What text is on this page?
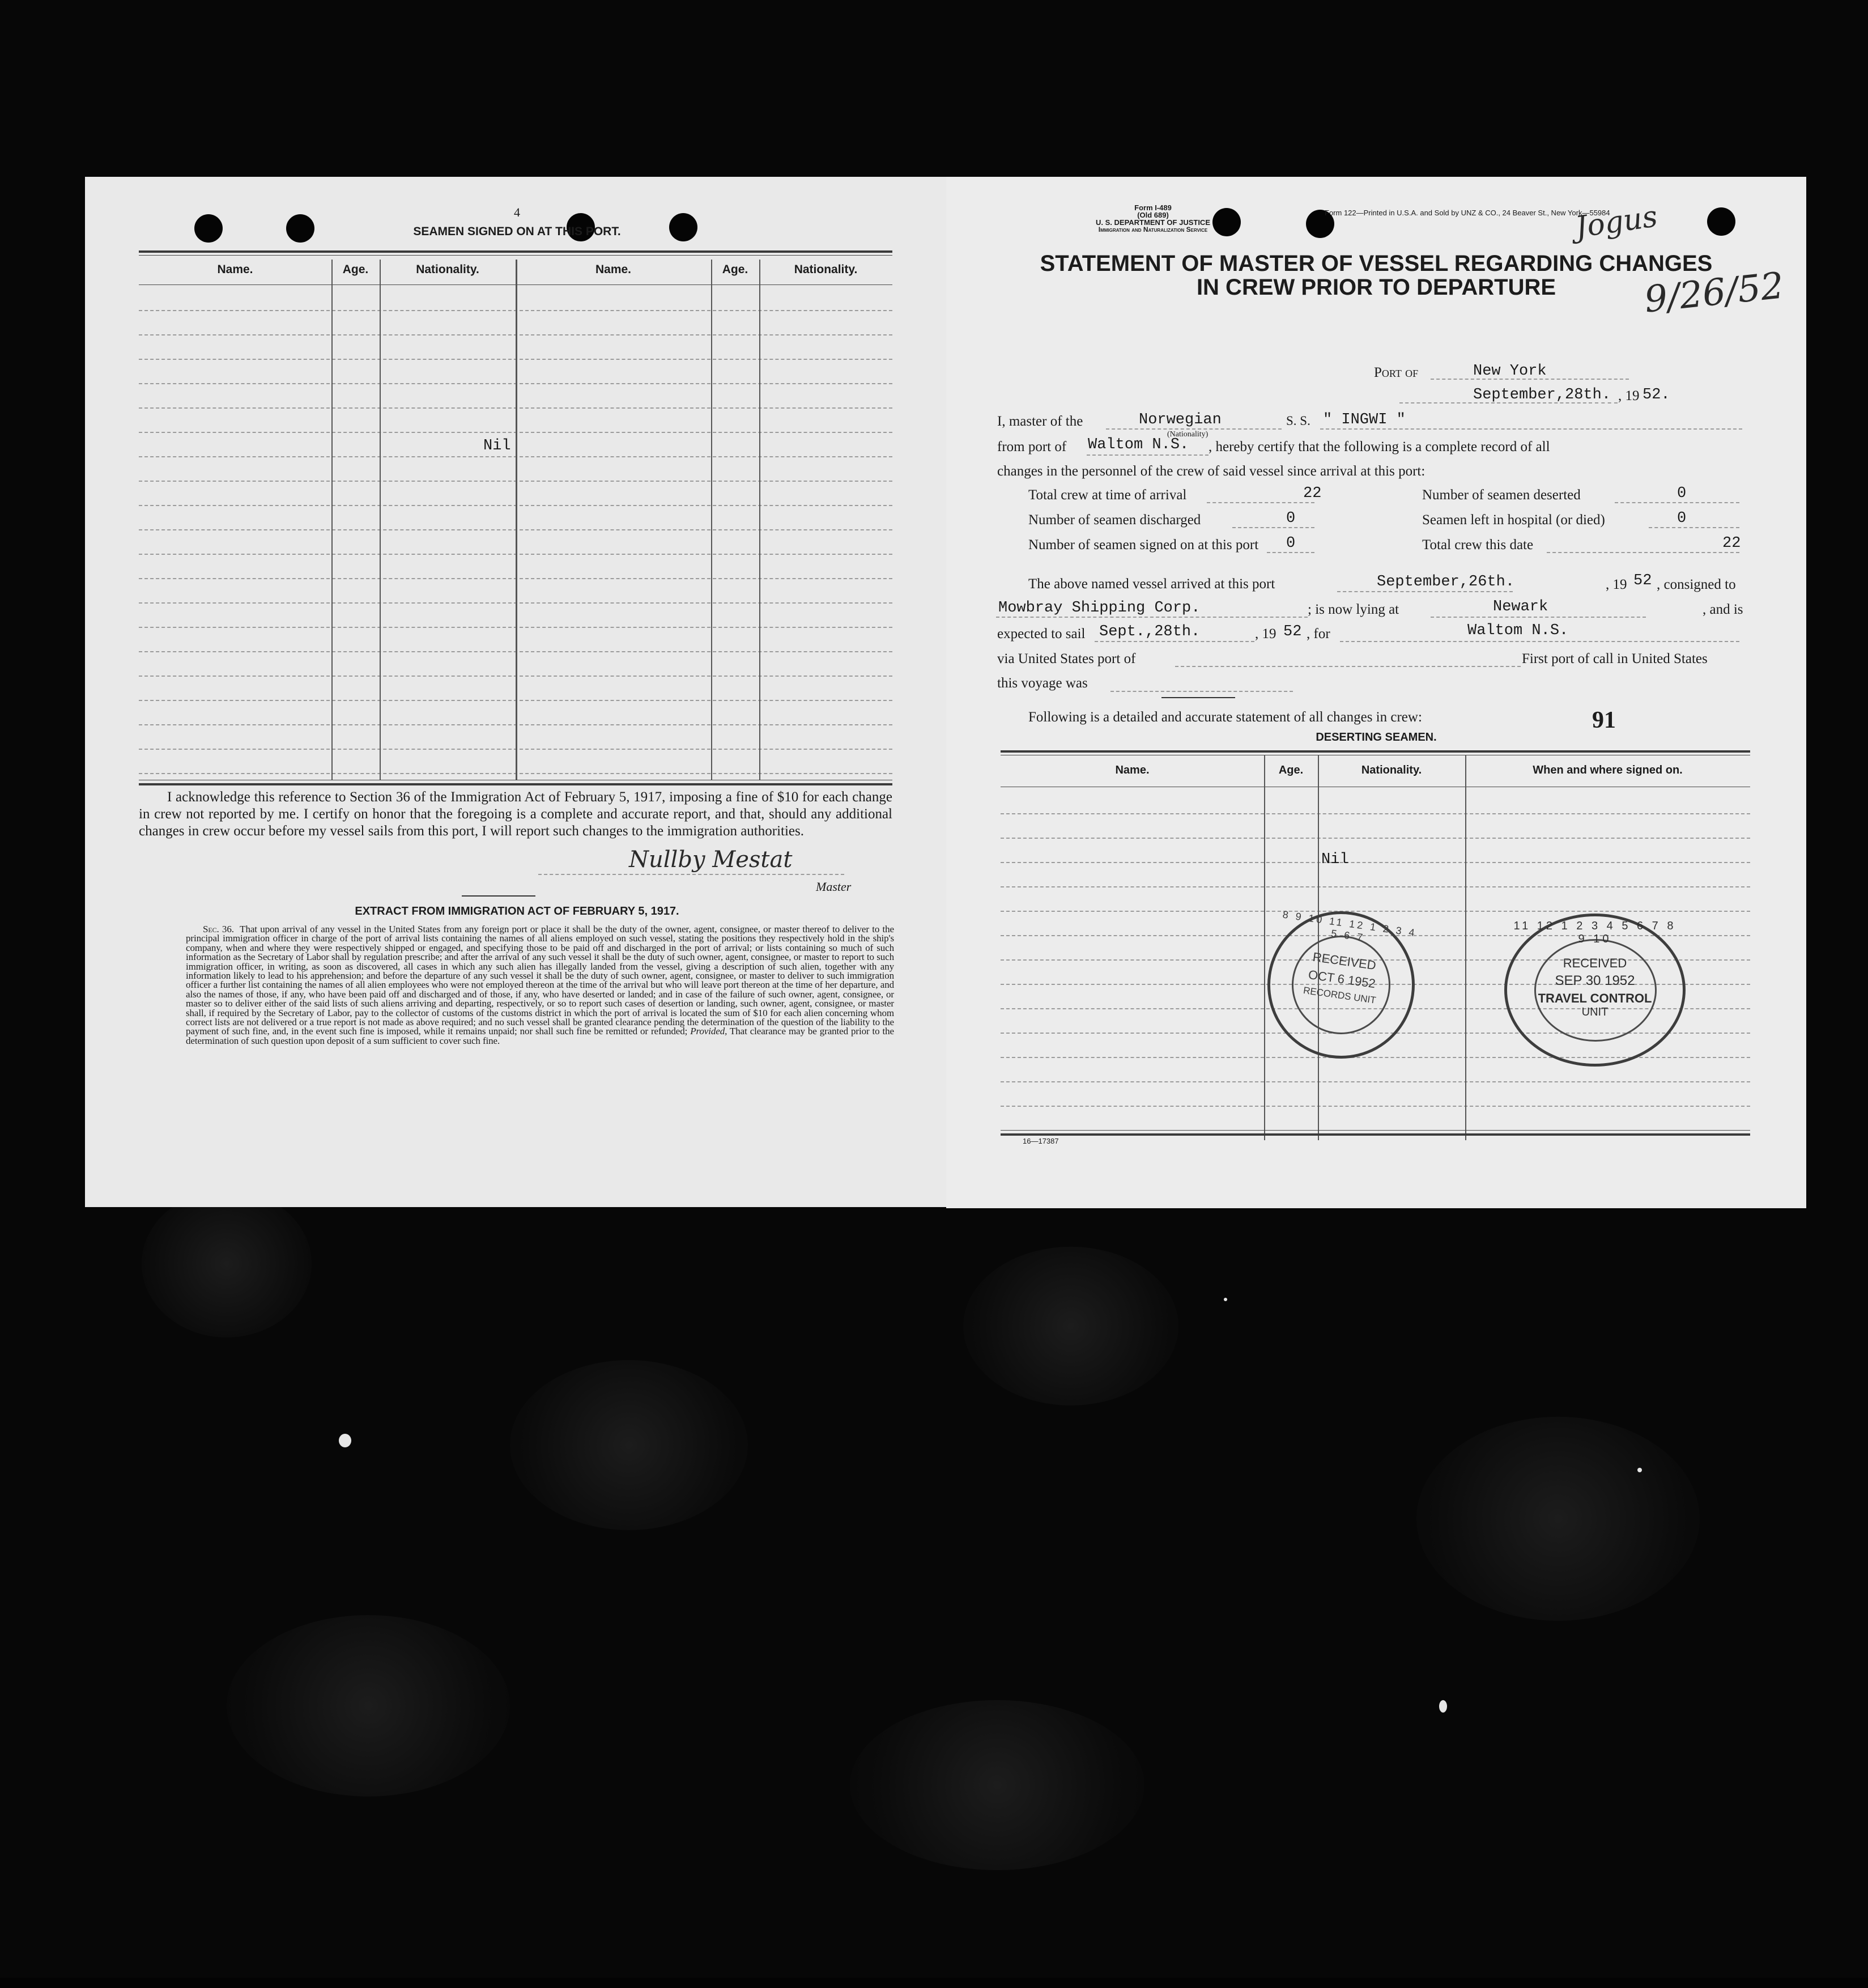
4
SEAMEN SIGNED ON AT THIS PORT.
Name.	Age.	Nationality.	Name.	Age.	Nationality.
Nil
I acknowledge this reference to Section 36 of the Immigration Act of February 5, 1917, imposing a fine of $10 for each change in crew not reported by me. I certify on honor that the foregoing is a complete and accurate report, and that, should any additional changes in crew occur before my vessel sails from this port, I will report such changes to the immigration authorities.
Nullby Mestat
Master
EXTRACT FROM IMMIGRATION ACT OF FEBRUARY 5, 1917.
Sec. 36. That upon arrival of any vessel in the United States from any foreign port or place it shall be the duty of the owner, agent, consignee, or master thereof to deliver to the principal immigration officer in charge of the port of arrival lists containing the names of all aliens employed on such vessel, stating the positions they respectively hold in the ship's company, when and where they were respectively shipped or engaged, and specifying those to be paid off and discharged in the port of arrival; or lists containing so much of such information as the Secretary of Labor shall by regulation prescribe; and after the arrival of any such vessel it shall be the duty of such owner, agent, consignee, or master to report to such immigration officer, in writing, as soon as discovered, all cases in which any such alien has illegally landed from the vessel, giving a description of such alien, together with any information likely to lead to his apprehension; and before the departure of any such vessel it shall be the duty of such owner, agent, consignee, or master to deliver to such immigration officer a further list containing the names of all alien employees who were not employed thereon at the time of the arrival but who will leave port thereon at the time of her departure, and also the names of those, if any, who have been paid off and discharged and of those, if any, who have deserted or landed; and in case of the failure of such owner, agent, consignee, or master so to deliver either of the said lists of such aliens arriving and departing, respectively, or so to report such cases of desertion or landing, such owner, agent, consignee, or master shall, if required by the Secretary of Labor, pay to the collector of customs of the customs district in which the port of arrival is located the sum of $10 for each alien concerning whom correct lists are not delivered or a true report is not made as above required; and no such vessel shall be granted clearance pending the determination of the question of the liability to the payment of such fine, and, in the event such fine is imposed, while it remains unpaid; nor shall such fine be remitted or refunded; Provided, That clearance may be granted prior to the determination of such question upon deposit of a sum sufficient to cover such fine.
Form I-489
(Old 689)
U. S. DEPARTMENT OF JUSTICE
Immigration and Naturalization Service
Form 122—Printed in U.S.A. and Sold by UNZ & CO., 24 Beaver St., New York—55984
Jogus
9/26/52
STATEMENT OF MASTER OF VESSEL REGARDING CHANGES
IN CREW PRIOR TO DEPARTURE
Port of	New York
September,28th. , 19 52.
I, master of the	Norwegian
(Nationality)
S. S. " INGWI "
from port of Waltom N.S. , hereby certify that the following is a complete record of all
changes in the personnel of the crew of said vessel since arrival at this port:
Total crew at time of arrival	22	Number of seamen deserted	0
Number of seamen discharged	0	Seamen left in hospital (or died)	0
Number of seamen signed on at this port 0	Total crew this date	22
The above named vessel arrived at this port	September,26th.	, 19 52 , consigned to
Mowbray Shipping Corp.	; is now lying at	Newark	, and is
expected to sail Sept.,28th.	, 19 52 , for	Waltom N.S.
via United States port of	First port of call in United States
this voyage was
Following is a detailed and accurate statement of all changes in crew:	91
DESERTING SEAMEN.
Name.	Age.	Nationality.	When and where signed on.
Nil
16—17387
8 9 10 11 12 1 2 3 4 5 6 7
RECEIVED
OCT 6 1952
RECORDS UNIT
11 12 1 2 3 4 5 6 7 8 9 10
RECEIVED
SEP 30 1952
TRAVEL CONTROL
UNIT
